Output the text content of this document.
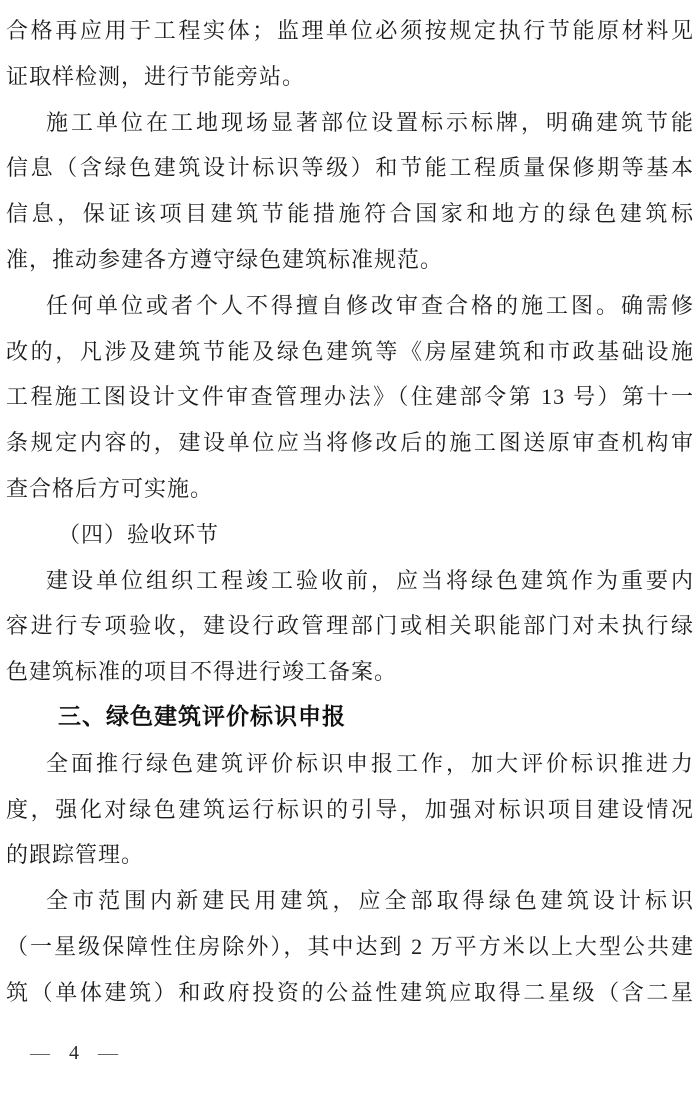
合格再应用于工程实体；监理单位必须按规定执行节能原材料见
证取样检测，进行节能旁站。
施工单位在工地现场显著部位设置标示标牌，明确建筑节能
信息（含绿色建筑设计标识等级）和节能工程质量保修期等基本
信息，保证该项目建筑节能措施符合国家和地方的绿色建筑标
准，推动参建各方遵守绿色建筑标准规范。
任何单位或者个人不得擅自修改审查合格的施工图。确需修
改的，凡涉及建筑节能及绿色建筑等《房屋建筑和市政基础设施
工程施工图设计文件审查管理办法》（住建部令第 13 号）第十一
条规定内容的，建设单位应当将修改后的施工图送原审查机构审
查合格后方可实施。
（四）验收环节
建设单位组织工程竣工验收前，应当将绿色建筑作为重要内
容进行专项验收，建设行政管理部门或相关职能部门对未执行绿
色建筑标准的项目不得进行竣工备案。
三、绿色建筑评价标识申报
全面推行绿色建筑评价标识申报工作，加大评价标识推进力
度，强化对绿色建筑运行标识的引导，加强对标识项目建设情况
的跟踪管理。
全市范围内新建民用建筑，应全部取得绿色建筑设计标识
（一星级保障性住房除外），其中达到 2 万平方米以上大型公共建
筑（单体建筑）和政府投资的公益性建筑应取得二星级（含二星
— 4 —
